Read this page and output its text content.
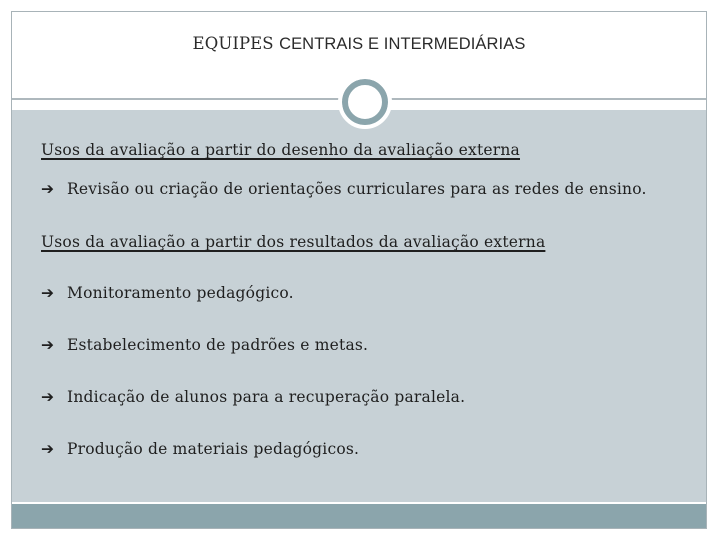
EQUIPES CENTRAIS E INTERMEDIÁRIAS
Usos da avaliação a partir do desenho da avaliação externa
➔ Revisão ou criação de orientações curriculares para as redes de ensino.
Usos da avaliação a partir dos resultados da avaliação externa
➔ Monitoramento pedagógico.
➔ Estabelecimento de padrões e metas.
➔ Indicação de alunos para a recuperação paralela.
➔ Produção de materiais pedagógicos.
